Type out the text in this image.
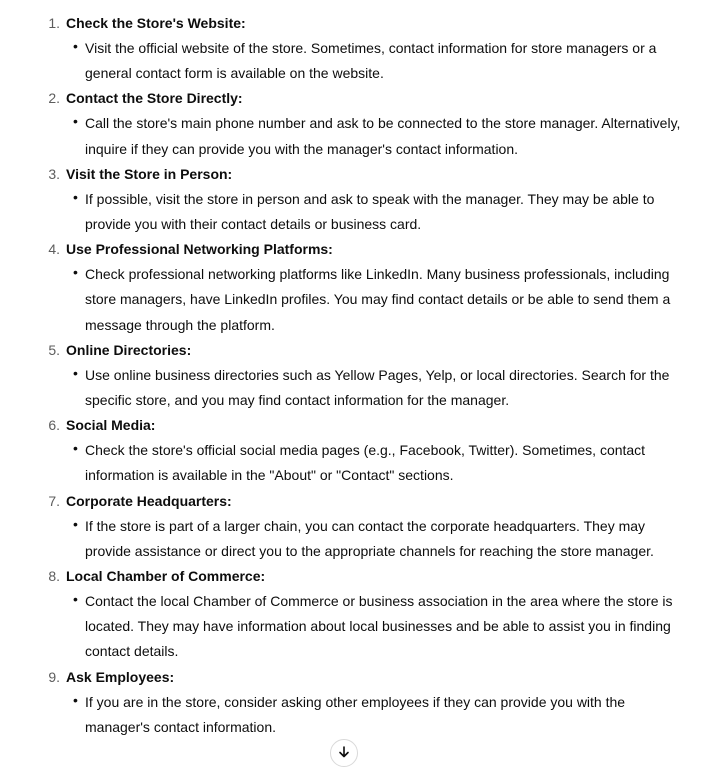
1. Check the Store's Website:
• Visit the official website of the store. Sometimes, contact information for store managers or a general contact form is available on the website.
2. Contact the Store Directly:
• Call the store's main phone number and ask to be connected to the store manager. Alternatively, inquire if they can provide you with the manager's contact information.
3. Visit the Store in Person:
• If possible, visit the store in person and ask to speak with the manager. They may be able to provide you with their contact details or business card.
4. Use Professional Networking Platforms:
• Check professional networking platforms like LinkedIn. Many business professionals, including store managers, have LinkedIn profiles. You may find contact details or be able to send them a message through the platform.
5. Online Directories:
• Use online business directories such as Yellow Pages, Yelp, or local directories. Search for the specific store, and you may find contact information for the manager.
6. Social Media:
• Check the store's official social media pages (e.g., Facebook, Twitter). Sometimes, contact information is available in the "About" or "Contact" sections.
7. Corporate Headquarters:
• If the store is part of a larger chain, you can contact the corporate headquarters. They may provide assistance or direct you to the appropriate channels for reaching the store manager.
8. Local Chamber of Commerce:
• Contact the local Chamber of Commerce or business association in the area where the store is located. They may have information about local businesses and be able to assist you in finding contact details.
9. Ask Employees:
• If you are in the store, consider asking other employees if they can provide you with the manager's contact information.
